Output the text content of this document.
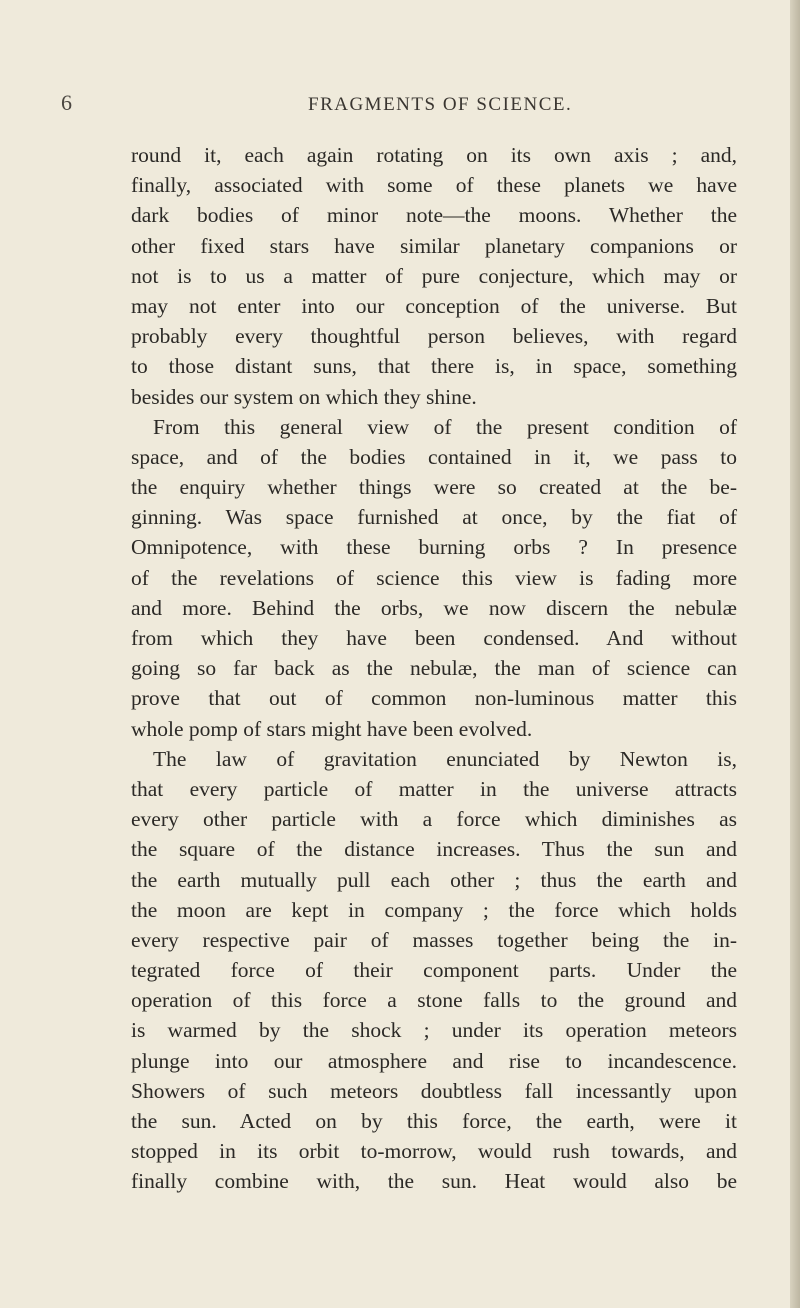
6	FRAGMENTS OF SCIENCE.
round it, each again rotating on its own axis ; and,
finally, associated with some of these planets we have
dark bodies of minor note—the moons. Whether the
other fixed stars have similar planetary companions or
not is to us a matter of pure conjecture, which may or
may not enter into our conception of the universe. But
probably every thoughtful person believes, with regard
to those distant suns, that there is, in space, something
besides our system on which they shine.
From this general view of the present condition of
space, and of the bodies contained in it, we pass to
the enquiry whether things were so created at the be-
ginning. Was space furnished at once, by the fiat of
Omnipotence, with these burning orbs ? In presence
of the revelations of science this view is fading more
and more. Behind the orbs, we now discern the nebulæ
from which they have been condensed. And without
going so far back as the nebulæ, the man of science can
prove that out of common non-luminous matter this
whole pomp of stars might have been evolved.
The law of gravitation enunciated by Newton is,
that every particle of matter in the universe attracts
every other particle with a force which diminishes as
the square of the distance increases. Thus the sun and
the earth mutually pull each other ; thus the earth and
the moon are kept in company ; the force which holds
every respective pair of masses together being the in-
tegrated force of their component parts. Under the
operation of this force a stone falls to the ground and
is warmed by the shock ; under its operation meteors
plunge into our atmosphere and rise to incandescence.
Showers of such meteors doubtless fall incessantly upon
the sun. Acted on by this force, the earth, were it
stopped in its orbit to-morrow, would rush towards, and
finally combine with, the sun. Heat would also be
